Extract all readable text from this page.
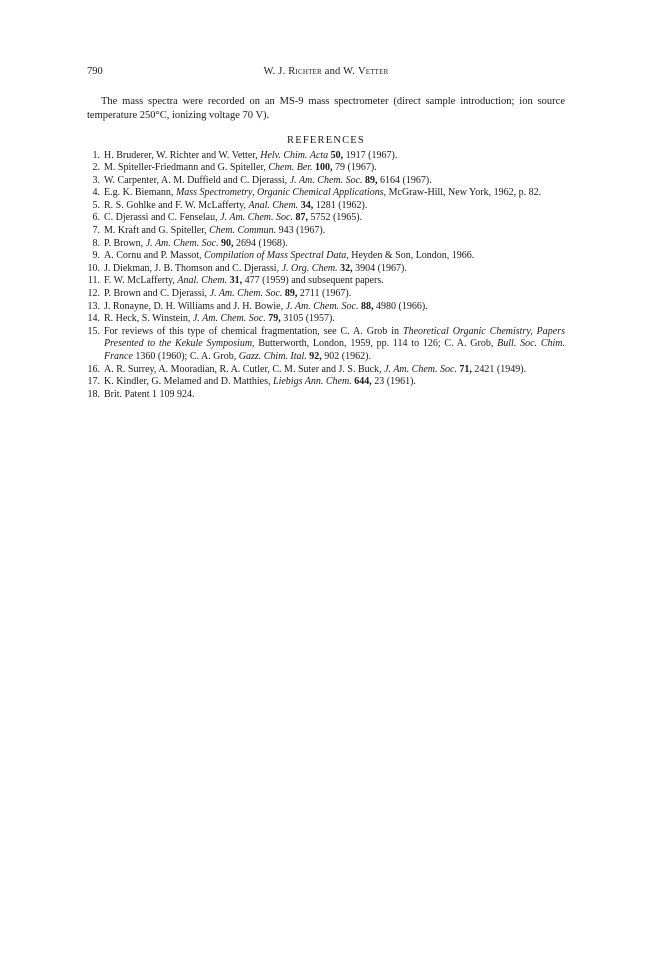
790	W. J. Richter and W. Vetter

The mass spectra were recorded on an MS-9 mass spectrometer (direct sample introduction; ion source temperature 250°C, ionizing voltage 70 V).

REFERENCES
1. H. Bruderer, W. Richter and W. Vetter, Helv. Chim. Acta 50, 1917 (1967).
2. M. Spiteller-Friedmann and G. Spiteller, Chem. Ber. 100, 79 (1967).
3. W. Carpenter, A. M. Duffield and C. Djerassi, J. Am. Chem. Soc. 89, 6164 (1967).
4. E.g. K. Biemann, Mass Spectrometry, Organic Chemical Applications, McGraw-Hill, New York, 1962, p. 82.
5. R. S. Gohlke and F. W. McLafferty, Anal. Chem. 34, 1281 (1962).
6. C. Djerassi and C. Fenselau, J. Am. Chem. Soc. 87, 5752 (1965).
7. M. Kraft and G. Spiteller, Chem. Commun. 943 (1967).
8. P. Brown, J. Am. Chem. Soc. 90, 2694 (1968).
9. A. Cornu and P. Massot, Compilation of Mass Spectral Data, Heyden & Son, London, 1966.
10. J. Diekman, J. B. Thomson and C. Djerassi, J. Org. Chem. 32, 3904 (1967).
11. F. W. McLafferty, Anal. Chem. 31, 477 (1959) and subsequent papers.
12. P. Brown and C. Djerassi, J. Am. Chem. Soc. 89, 2711 (1967).
13. J. Ronayne, D. H. Williams and J. H. Bowie, J. Am. Chem. Soc. 88, 4980 (1966).
14. R. Heck, S. Winstein, J. Am. Chem. Soc. 79, 3105 (1957).
15. For reviews of this type of chemical fragmentation, see C. A. Grob in Theoretical Organic Chemistry, Papers Presented to the Kekule Symposium, Butterworth, London, 1959, pp. 114 to 126; C. A. Grob, Bull. Soc. Chim. France 1360 (1960); C. A. Grob, Gazz. Chim. Ital. 92, 902 (1962).
16. A. R. Surrey, A. Mooradian, R. A. Cutler, C. M. Suter and J. S. Buck, J. Am. Chem. Soc. 71, 2421 (1949).
17. K. Kindler, G. Melamed and D. Matthies, Liebigs Ann. Chem. 644, 23 (1961).
18. Brit. Patent 1 109 924.
